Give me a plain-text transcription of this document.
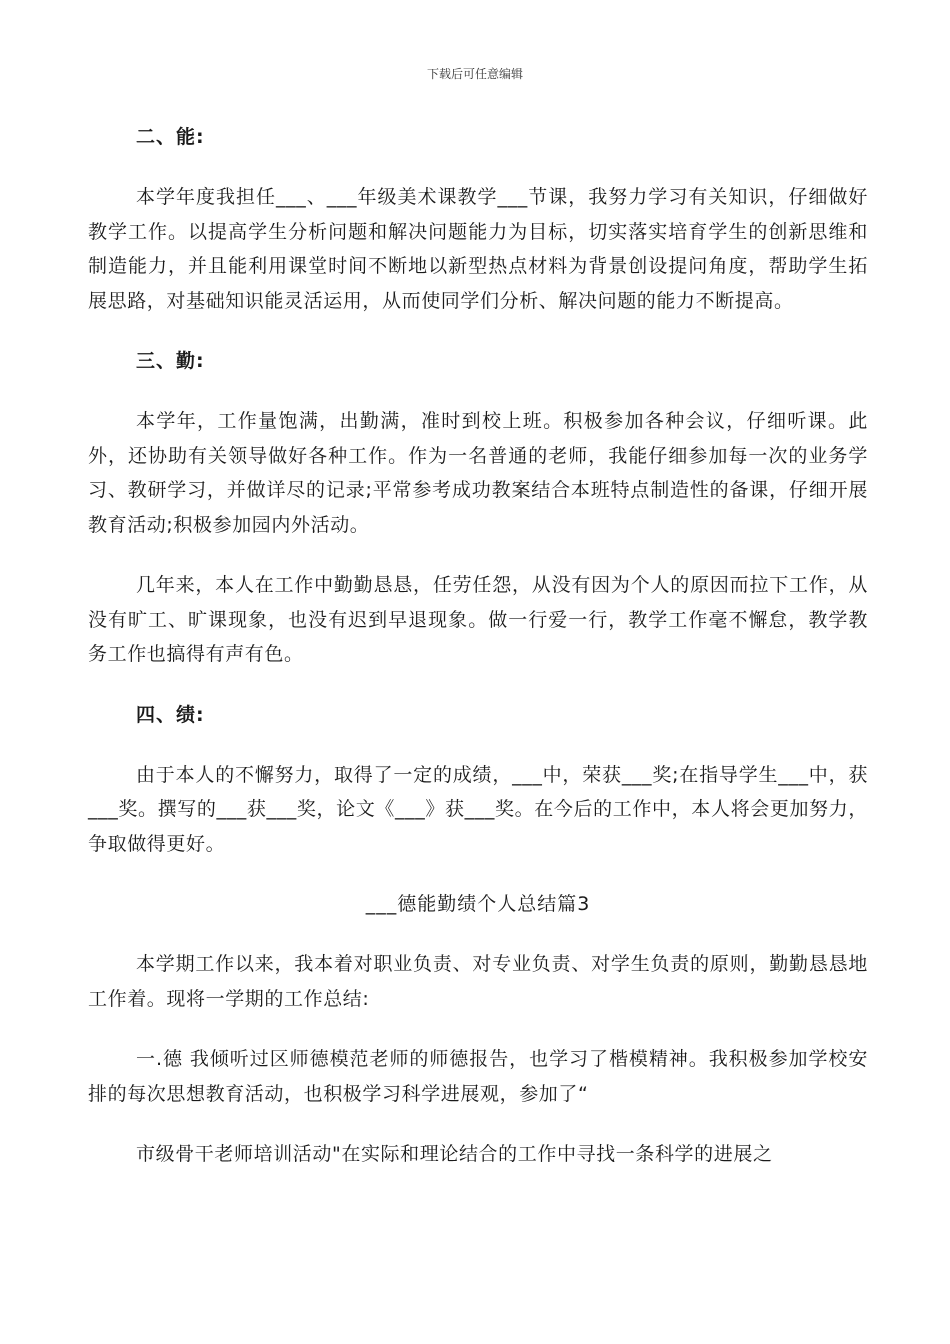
下载后可任意编辑
二、能:

本学年度我担任___、___年级美术课教学___节课，我努力学习有关知识，仔细做好教学工作。以提高学生分析问题和解决问题能力为目标，切实落实培育学生的创新思维和制造能力，并且能利用课堂时间不断地以新型热点材料为背景创设提问角度，帮助学生拓展思路，对基础知识能灵活运用，从而使同学们分析、解决问题的能力不断提高。

三、勤:

本学年，工作量饱满，出勤满，准时到校上班。积极参加各种会议，仔细听课。此外，还协助有关领导做好各种工作。作为一名普通的老师，我能仔细参加每一次的业务学习、教研学习，并做详尽的记录;平常参考成功教案结合本班特点制造性的备课，仔细开展教育活动;积极参加园内外活动。

几年来，本人在工作中勤勤恳恳，任劳任怨，从没有因为个人的原因而拉下工作，从没有旷工、旷课现象，也没有迟到早退现象。做一行爱一行，教学工作毫不懈怠，教学教务工作也搞得有声有色。

四、绩:

由于本人的不懈努力，取得了一定的成绩，___中，荣获___奖;在指导学生___中，获___奖。撰写的___获___奖，论文《___》获___奖。在今后的工作中，本人将会更加努力，争取做得更好。

___德能勤绩个人总结篇3

本学期工作以来，我本着对职业负责、对专业负责、对学生负责的原则，勤勤恳恳地工作着。现将一学期的工作总结:

一.德 我倾听过区师德模范老师的师德报告，也学习了楷模精神。我积极参加学校安排的每次思想教育活动，也积极学习科学进展观，参加了“

市级骨干老师培训活动"在实际和理论结合的工作中寻找一条科学的进展之
